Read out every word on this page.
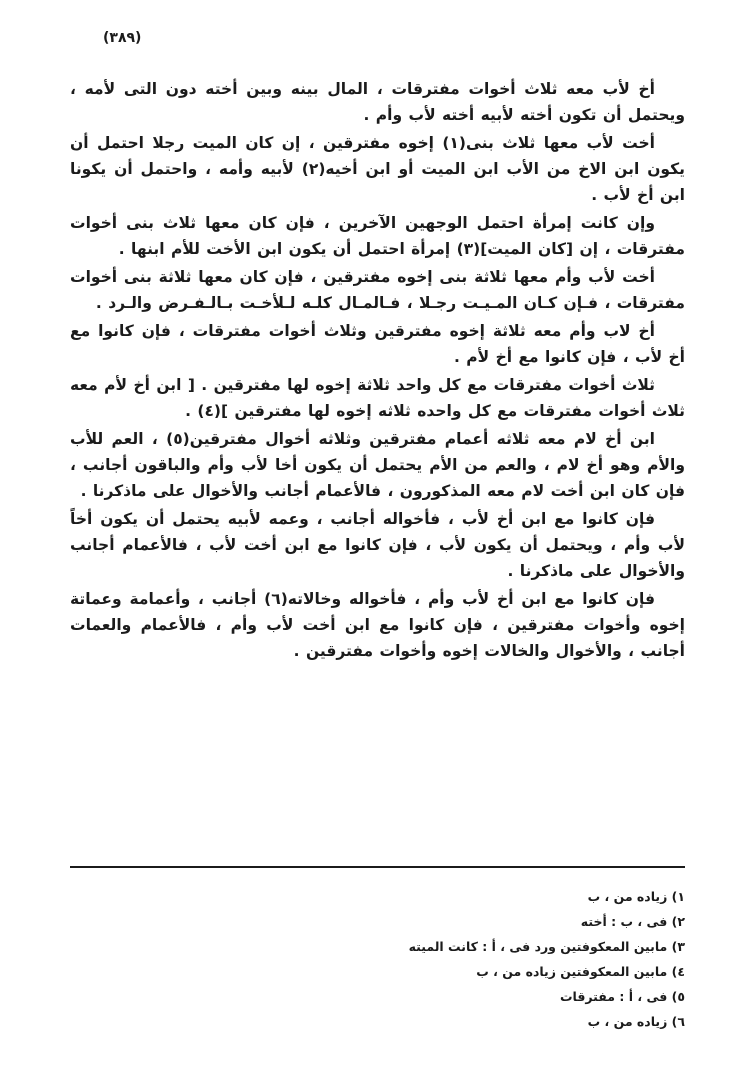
(٣٨٩)

أخ لأب معه ثلاث أخوات مفترقات ، المال بينه وبين أخته دون التى لأمه ، ويحتمل أن تكون أخته لأبيه أخته لأب وأم .

أخت لأب معها ثلاث بنى(١) إخوه مفترقين ، إن كان الميت رجلا احتمل أن يكون ابن الاخ من الأب ابن الميت أو ابن أخيه(٢) لأبيه وأمه ، واحتمل أن يكونا ابن أخ لأب .

وإن كانت إمرأة احتمل الوجهين الآخرين ، فإن كان معها ثلاث بنى أخوات مفترقات ، إن [كان الميت](٣) إمرأة احتمل أن يكون ابن الأخت للأم ابنها .

أخت لأب وأم معها ثلاثة بنى إخوه مفترقين ، فإن كان معها ثلاثة بنى أخوات مفترقات ، فـإن كـان المـيـت رجـلا ، فـالمـال كلـه لـلأخـت بـالـفـرض والـرد .

أخ لاب وأم معه ثلاثة إخوه مفترقين وثلاث أخوات مفترقات ، فإن كانوا مع أخ لأب ، فإن كانوا مع أخ لأم .

ثلاث أخوات مفترقات مع كل واحد ثلاثة إخوه لها مفترقين . [ ابن أخ لأم معه ثلاث أخوات مفترقات مع كل واحده ثلاثه إخوه لها مفترقين ](٤) .

ابن أخ لام معه ثلاثه أعمام مفترقين وثلاثه أخوال مفترقين(٥) ، العم للأب والأم وهو أخ لام ، والعم من الأم يحتمل أن يكون أخا لأب وأم والباقون أجانب ، فإن كان ابن أخت لام معه المذكورون ، فالأعمام أجانب والأخوال على ماذكرنا .

فإن كانوا مع ابن أخ لأب ، فأخواله أجانب ، وعمه لأبيه يحتمل أن يكون أخاً لأب وأم ، ويحتمل أن يكون لأب ، فإن كانوا مع ابن أخت لأب ، فالأعمام أجانب والأخوال على ماذكرنا .

فإن كانوا مع ابن أخ لأب وأم ، فأخواله وخالاته(٦) أجانب ، وأعمامة وعماتة إخوه وأخوات مفترقين ، فإن كانوا مع ابن أخت لأب وأم ، فالأعمام والعمات أجانب ، والأخوال والخالات إخوه وأخوات مفترقين .

١) زياده من ، ب
٢) فى ، ب : أخته
٣) مابين المعكوفتين ورد فى ، أ : كانت الميته
٤) مابين المعكوفتين زياده من ، ب
٥) فى ، أ : مفترقات
٦) زياده من ، ب
